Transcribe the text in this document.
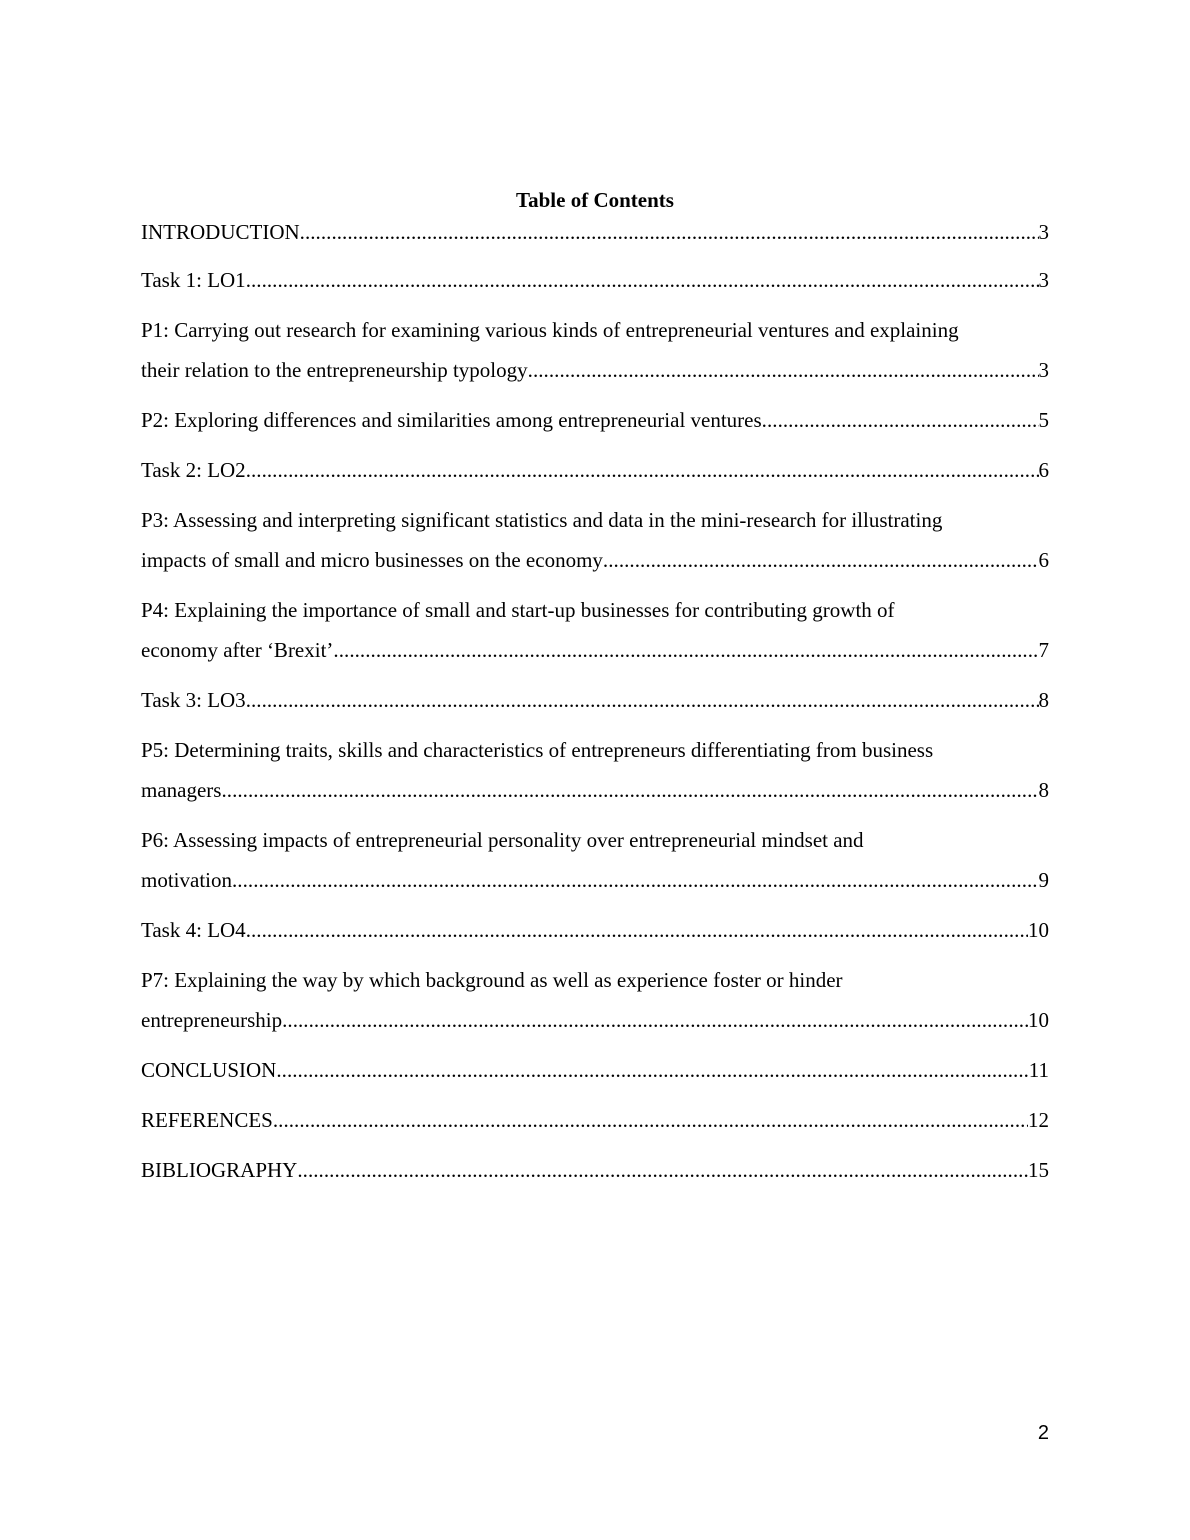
Table of Contents
INTRODUCTION .....	3
Task 1: LO1 .....	3
P1: Carrying out research for examining various kinds of entrepreneurial ventures and explaining
their relation to the entrepreneurship typology .....	3
P2: Exploring differences and similarities among entrepreneurial ventures .....	5
Task 2: LO2 .....	6
P3: Assessing and interpreting significant statistics and data in the mini-research for illustrating
impacts of small and micro businesses on the economy .....	6
P4: Explaining the importance of small and start-up businesses for contributing growth of
economy after ‘Brexit’ .....	7
Task 3: LO3 .....	8
P5: Determining traits, skills and characteristics of entrepreneurs differentiating from business
managers .....	8
P6: Assessing impacts of entrepreneurial personality over entrepreneurial mindset and
motivation .....	9
Task 4: LO4 .....	10
P7: Explaining the way by which background as well as experience foster or hinder
entrepreneurship .....	10
CONCLUSION .....	11
REFERENCES .....	12
BIBLIOGRAPHY .....	15
2
